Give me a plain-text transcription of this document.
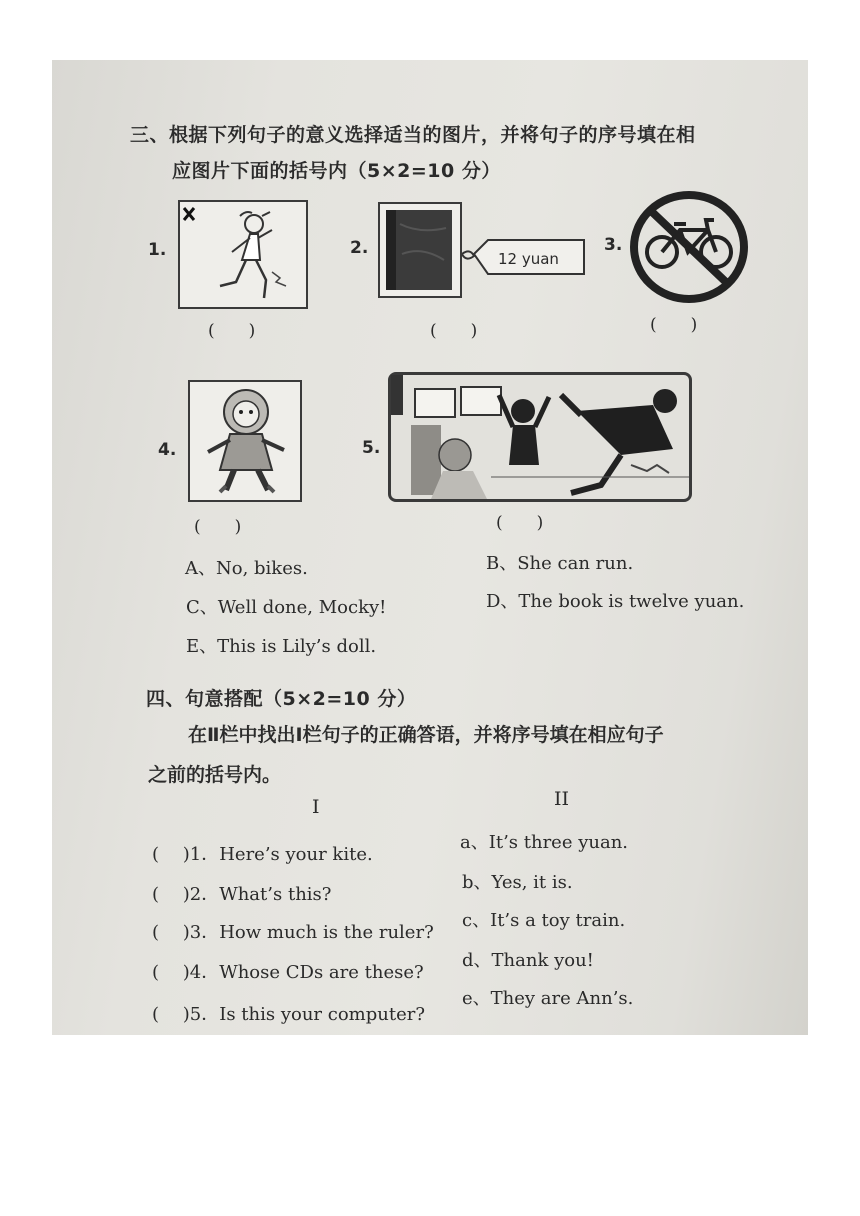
三、根据下列句子的意义选择适当的图片，并将句子的序号填在相
应图片下面的括号内（5×2=10 分）
1.
(　　)
2.
12 yuan
(　　)
3.
(　　)
4.
(　　)
5.
(　　)
A、No, bikes.	B、She can run.
C、Well done, Mocky!	D、The book is twelve yuan.
E、This is Lily’s doll.
四、句意搭配（5×2=10 分）
在Ⅱ栏中找出Ⅰ栏句子的正确答语，并将序号填在相应句子
之前的括号内。
I	II
(　 )1．Here’s your kite.
(　 )2．What’s this?
(　 )3．How much is the ruler?
(　 )4．Whose CDs are these?
(　 )5．Is this your computer?
a、It’s three yuan.
b、Yes, it is.
c、It’s a toy train.
d、Thank you!
e、They are Ann’s.
